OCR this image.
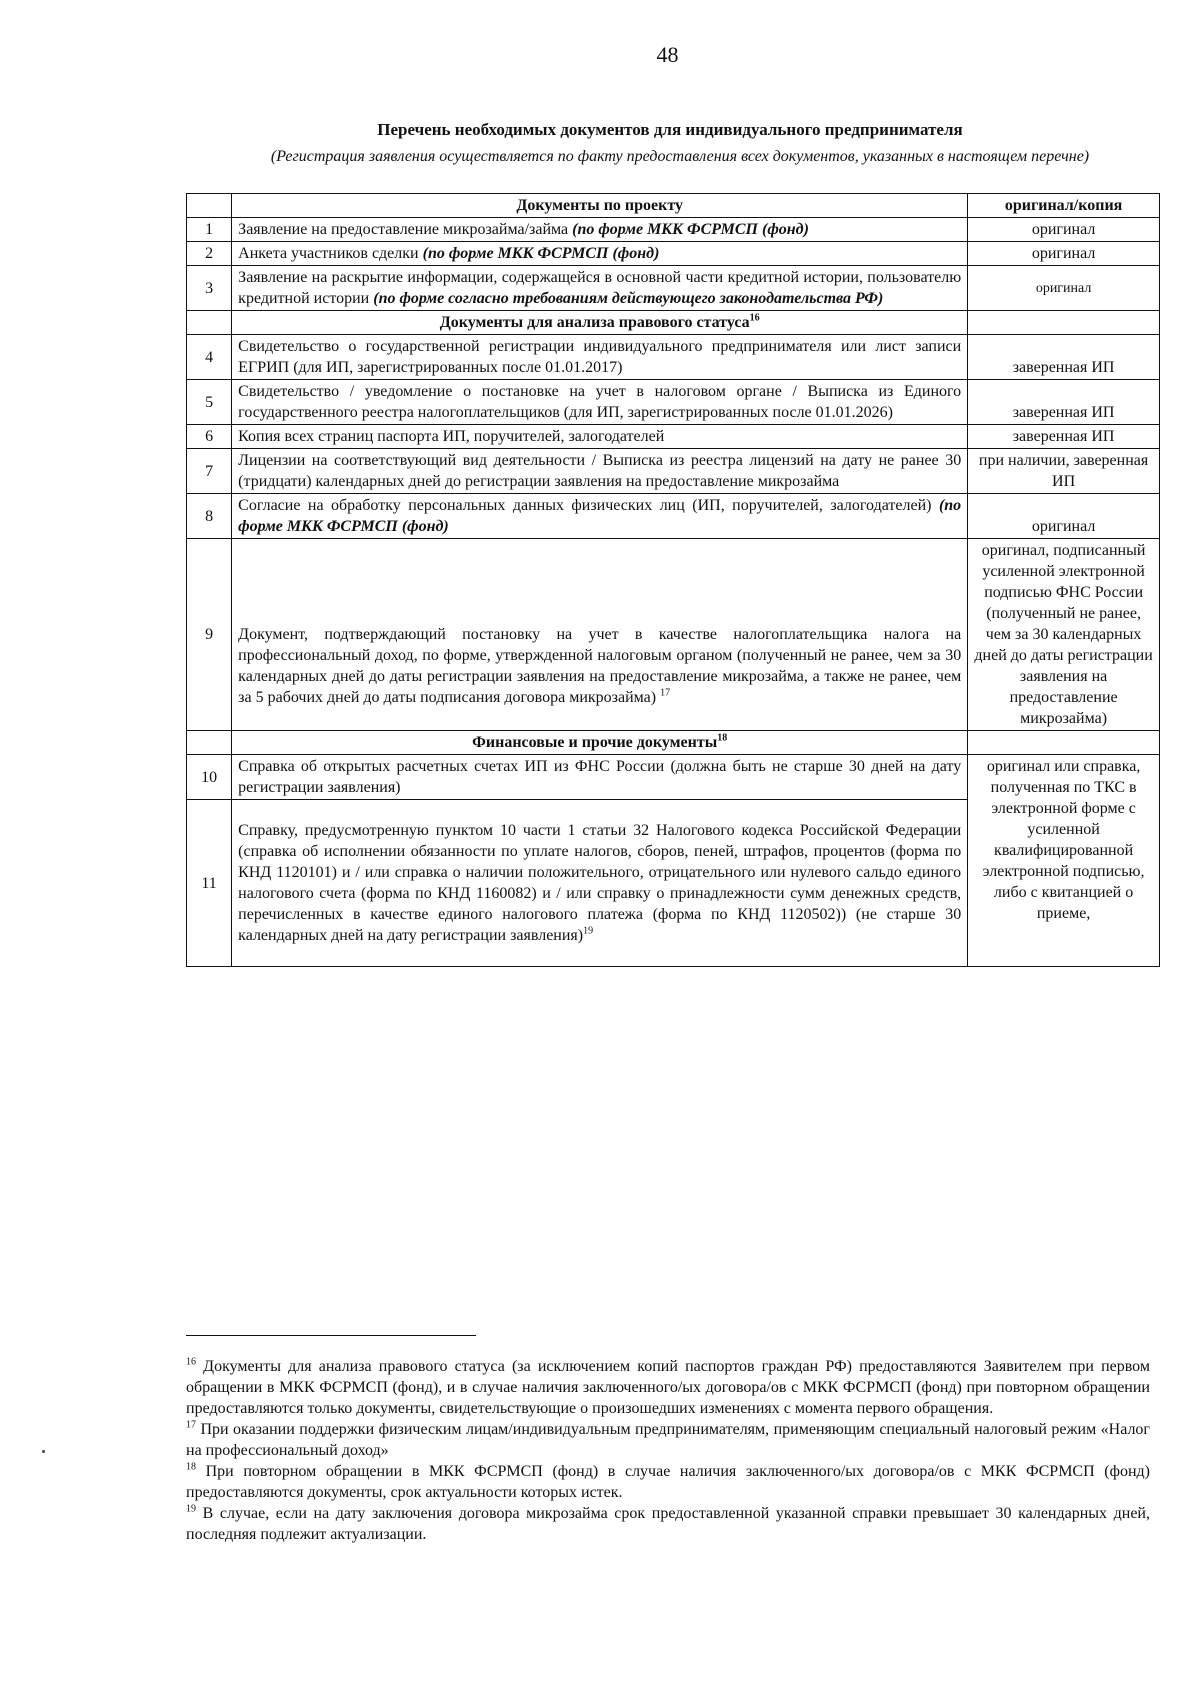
48
Перечень необходимых документов для индивидуального предпринимателя
(Регистрация заявления осуществляется по факту предоставления всех документов, указанных в настоящем перечне)
	Документы по проекту	оригинал/копия
1	Заявление на предоставление микрозайма/займа (по форме МКК ФСРМСП (фонд)	оригинал
2	Анкета участников сделки (по форме МКК ФСРМСП (фонд)	оригинал
3	Заявление на раскрытие информации, содержащейся в основной части кредитной истории, пользователю кредитной истории (по форме согласно требованиям действующего законодательства РФ)	оригинал
	Документы для анализа правового статуса$^{16}$	
4	Свидетельство о государственной регистрации индивидуального предпринимателя или лист записи ЕГРИП (для ИП, зарегистрированных после 01.01.2017)	заверенная ИП
5	Свидетельство / уведомление о постановке на учет в налоговом органе / Выписка из Единого государственного реестра налогоплательщиков (для ИП, зарегистрированных после 01.01.2026)	заверенная ИП
6	Копия всех страниц паспорта ИП, поручителей, залогодателей	заверенная ИП
7	Лицензии на соответствующий вид деятельности / Выписка из реестра лицензий на дату не ранее 30 (тридцати) календарных дней до регистрации заявления на предоставление микрозайма	при наличии, заверенная ИП
8	Согласие на обработку персональных данных физических лиц (ИП, поручителей, залогодателей) (по форме МКК ФСРМСП (фонд)	оригинал
9	Документ, подтверждающий постановку на учет в качестве налогоплательщика налога на профессиональный доход, по форме, утвержденной налоговым органом (полученный не ранее, чем за 30 календарных дней до даты регистрации заявления на предоставление микрозайма, а также не ранее, чем за 5 рабочих дней до даты подписания договора микрозайма) $^{17}$	оригинал, подписанный усиленной электронной подписью ФНС России (полученный не ранее, чем за 30 календарных дней до даты регистрации заявления на предоставление микрозайма)
	Финансовые и прочие документы$^{18}$	
10	Справка об открытых расчетных счетах ИП из ФНС России (должна быть не старше 30 дней на дату регистрации заявления)	оригинал или справка, полученная по ТКС в электронной форме с усиленной квалифицированной электронной подписью, либо с квитанцией о приеме,
11	Справку, предусмотренную пунктом 10 части 1 статьи 32 Налогового кодекса Российской Федерации (справка об исполнении обязанности по уплате налогов, сборов, пеней, штрафов, процентов (форма по КНД 1120101) и / или справка о наличии положительного, отрицательного или нулевого сальдо единого налогового счета (форма по КНД 1160082) и / или справку о принадлежности сумм денежных средств, перечисленных в качестве единого налогового платежа (форма по КНД 1120502)) (не старше 30 календарных дней на дату регистрации заявления)$^{19}$

$^{16}$ Документы для анализа правового статуса (за исключением копий паспортов граждан РФ) предоставляются Заявителем при первом обращении в МКК ФСРМСП (фонд), и в случае наличия заключенного/ых договора/ов с МКК ФСРМСП (фонд) при повторном обращении предоставляются только документы, свидетельствующие о произошедших изменениях с момента первого обращения.

$^{17}$ При оказании поддержки физическим лицам/индивидуальным предпринимателям, применяющим специальный налоговый режим «Налог на профессиональный доход»

$^{18}$ При повторном обращении в МКК ФСРМСП (фонд) в случае наличия заключенного/ых договора/ов с МКК ФСРМСП (фонд) предоставляются документы, срок актуальности которых истек.

$^{19}$ В случае, если на дату заключения договора микрозайма срок предоставленной указанной справки превышает 30 календарных дней, последняя подлежит актуализации.
